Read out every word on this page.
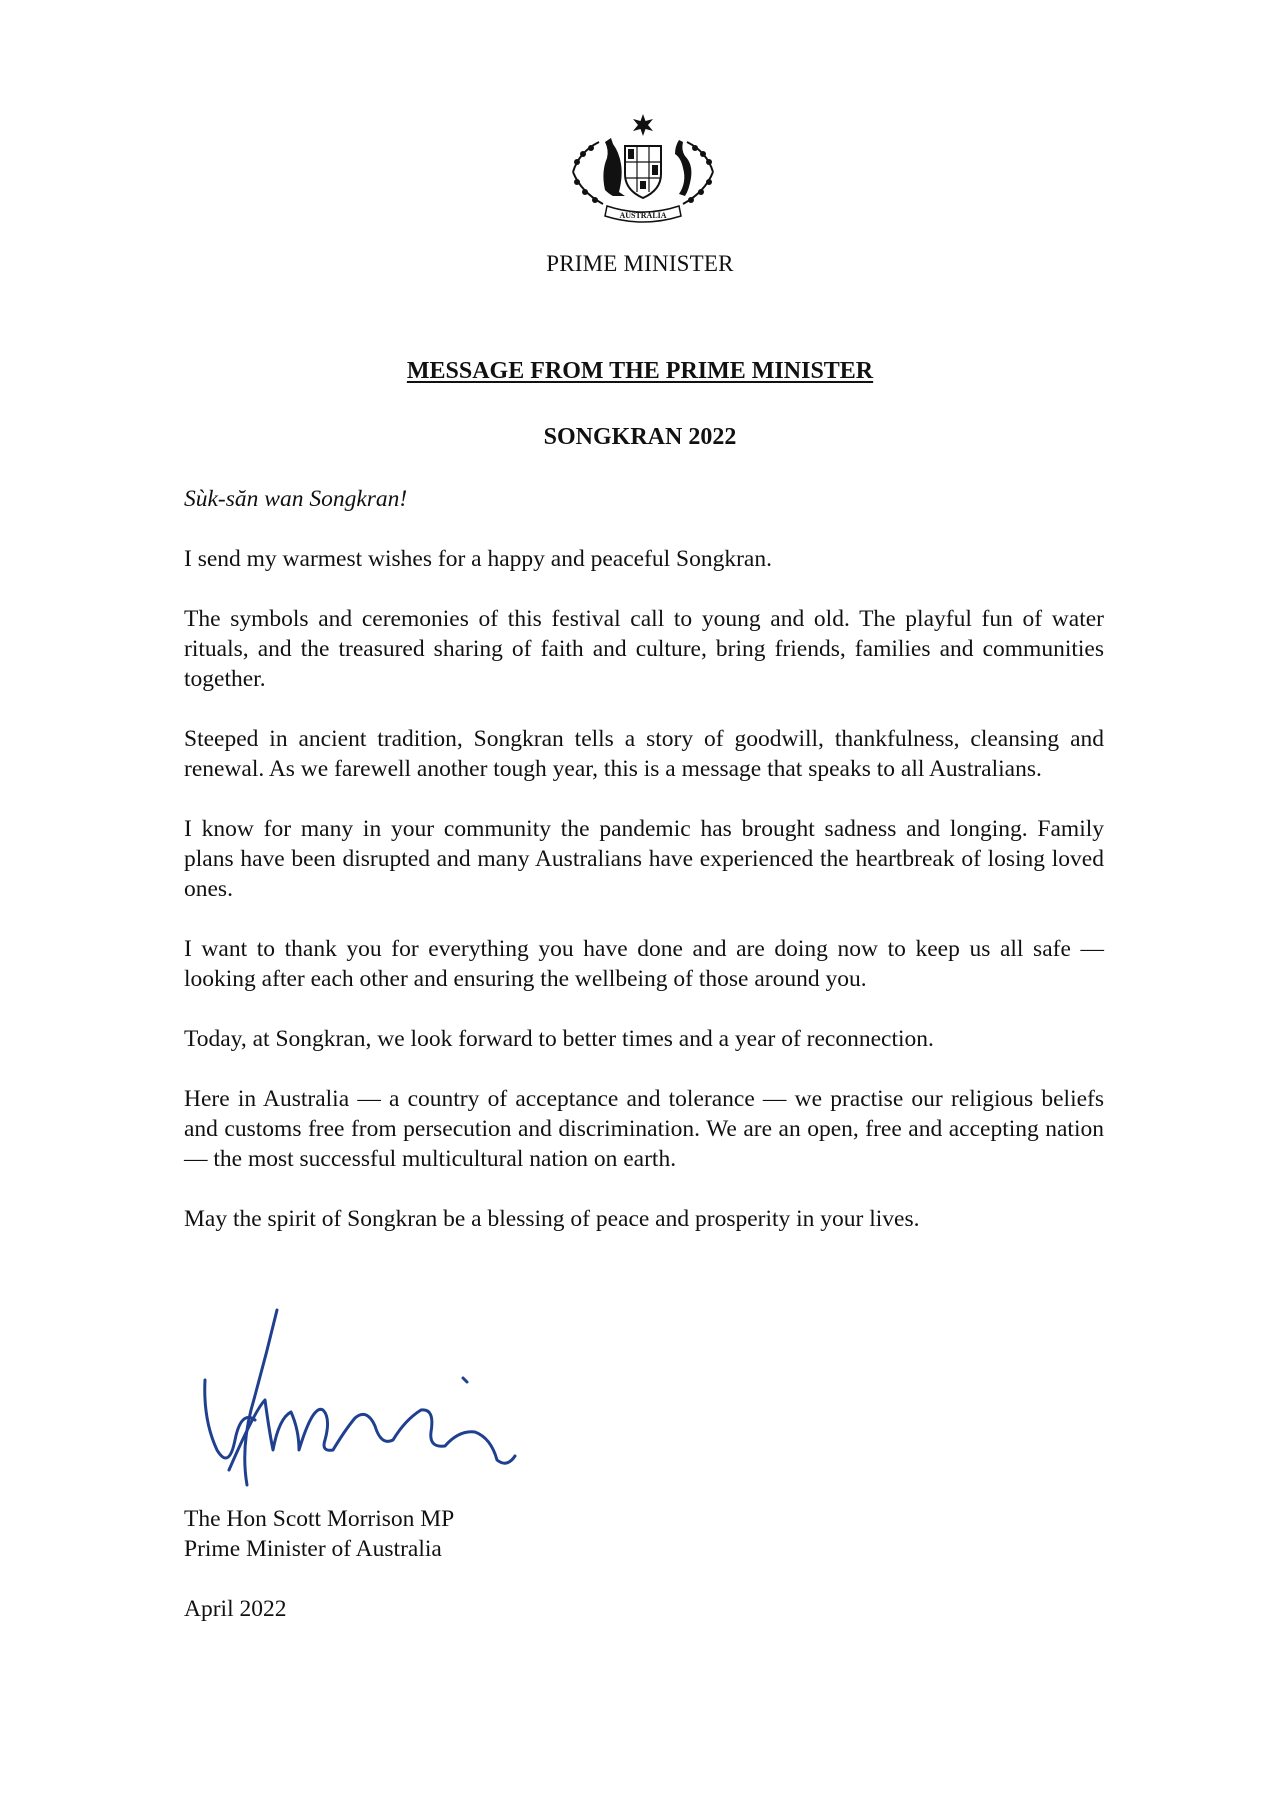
AUSTRALIA
PRIME MINISTER
MESSAGE FROM THE PRIME MINISTER
SONGKRAN 2022

Sùk-săn wan Songkran!

I send my warmest wishes for a happy and peaceful Songkran.

The symbols and ceremonies of this festival call to young and old. The playful fun of water rituals, and the treasured sharing of faith and culture, bring friends, families and communities together.

Steeped in ancient tradition, Songkran tells a story of goodwill, thankfulness, cleansing and renewal. As we farewell another tough year, this is a message that speaks to all Australians.

I know for many in your community the pandemic has brought sadness and longing. Family plans have been disrupted and many Australians have experienced the heartbreak of losing loved ones.

I want to thank you for everything you have done and are doing now to keep us all safe — looking after each other and ensuring the wellbeing of those around you.

Today, at Songkran, we look forward to better times and a year of reconnection.

Here in Australia — a country of acceptance and tolerance — we practise our religious beliefs and customs free from persecution and discrimination. We are an open, free and accepting nation — the most successful multicultural nation on earth.

May the spirit of Songkran be a blessing of peace and prosperity in your lives.

The Hon Scott Morrison MP
Prime Minister of Australia
April 2022
